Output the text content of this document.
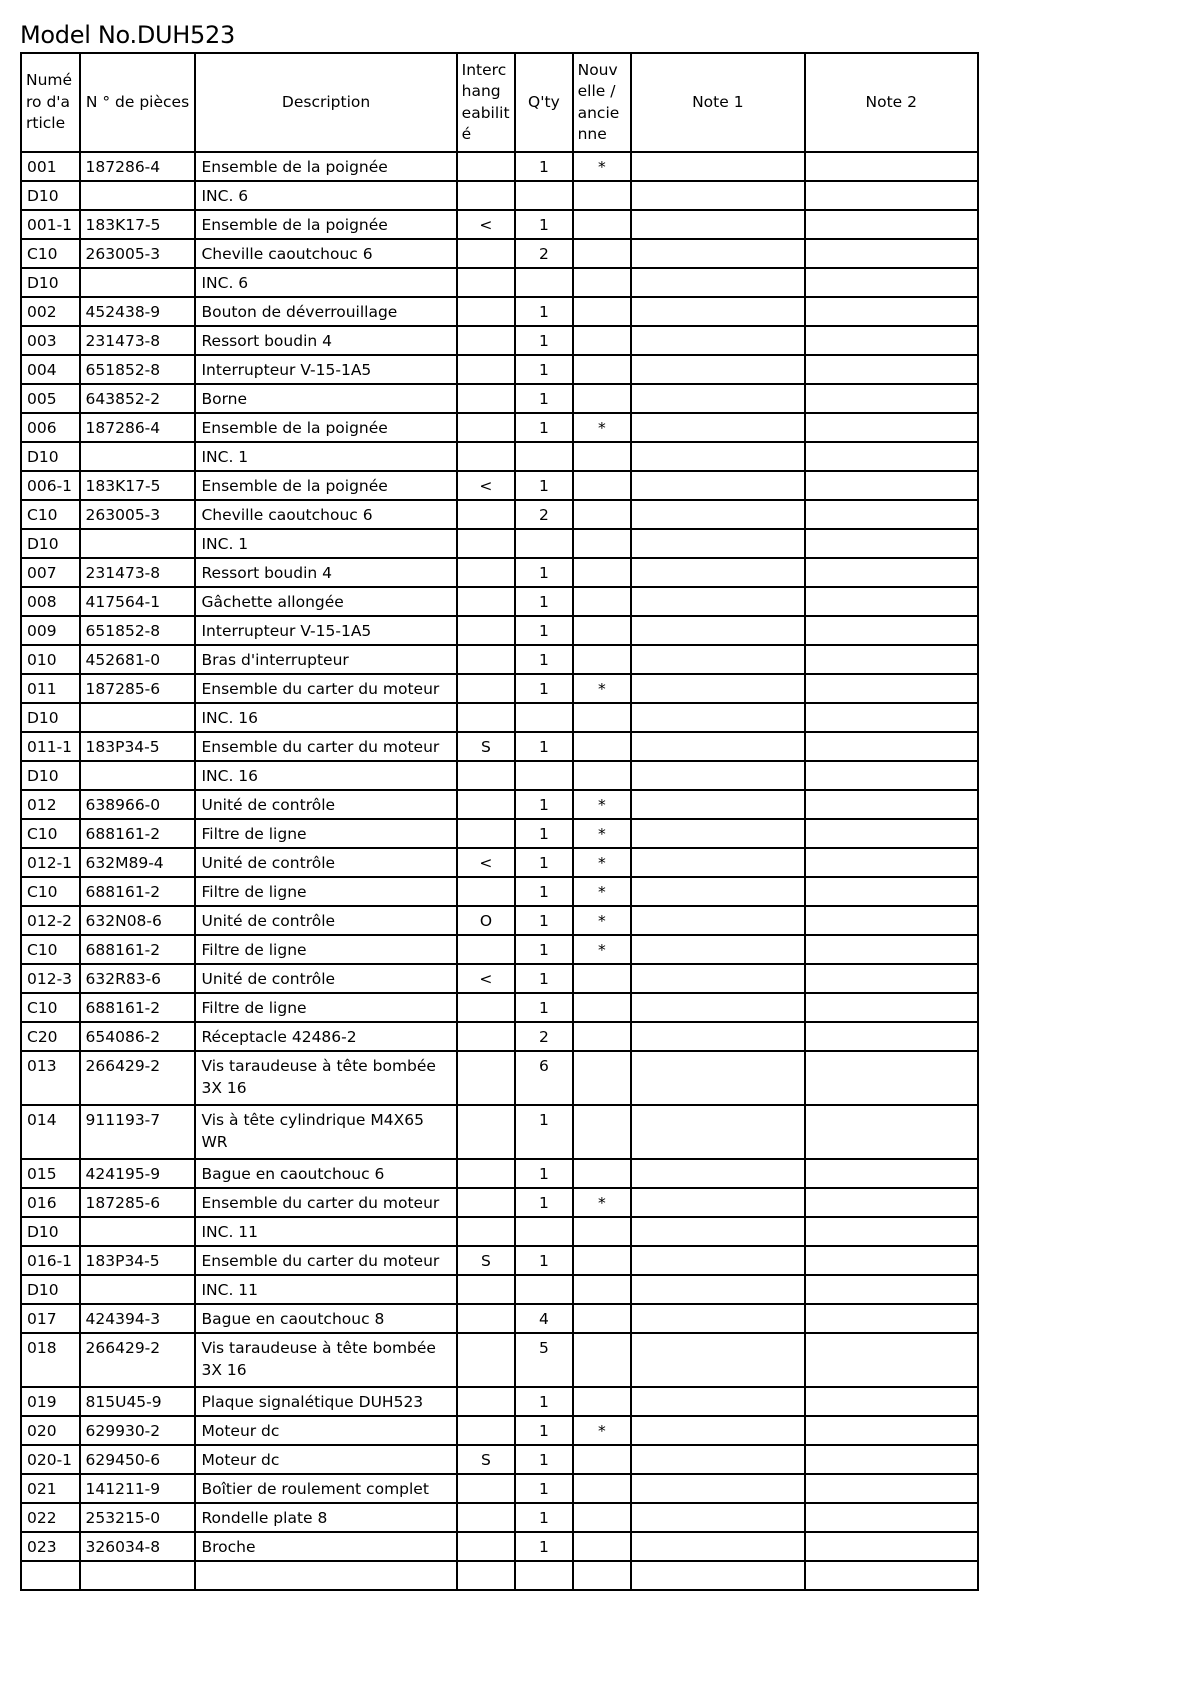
Model No.DUH523
Numé ro d'a rticle	N ° de pièces	Description	Interc hang eabilit é	Q'ty	Nouv elle / ancie nne	Note 1	Note 2
001	187286-4	Ensemble de la poignée		1	*		
D10		INC. 6					
001-1	183K17-5	Ensemble de la poignée	<	1			
C10	263005-3	Cheville caoutchouc 6		2			
D10		INC. 6					
002	452438-9	Bouton de déverrouillage		1			
003	231473-8	Ressort boudin 4		1			
004	651852-8	Interrupteur V-15-1A5		1			
005	643852-2	Borne		1			
006	187286-4	Ensemble de la poignée		1	*		
D10		INC. 1					
006-1	183K17-5	Ensemble de la poignée	<	1			
C10	263005-3	Cheville caoutchouc 6		2			
D10		INC. 1					
007	231473-8	Ressort boudin 4		1			
008	417564-1	Gâchette allongée		1			
009	651852-8	Interrupteur V-15-1A5		1			
010	452681-0	Bras d'interrupteur		1			
011	187285-6	Ensemble du carter du moteur		1	*		
D10		INC. 16					
011-1	183P34-5	Ensemble du carter du moteur	S	1			
D10		INC. 16					
012	638966-0	Unité de contrôle		1	*		
C10	688161-2	Filtre de ligne		1	*		
012-1	632M89-4	Unité de contrôle	<	1	*		
C10	688161-2	Filtre de ligne		1	*		
012-2	632N08-6	Unité de contrôle	O	1	*		
C10	688161-2	Filtre de ligne		1	*		
012-3	632R83-6	Unité de contrôle	<	1			
C10	688161-2	Filtre de ligne		1			
C20	654086-2	Réceptacle 42486-2		2			
013	266429-2	Vis taraudeuse à tête bombée 3X 16		6			
014	911193-7	Vis à tête cylindrique M4X65 WR		1			
015	424195-9	Bague en caoutchouc 6		1			
016	187285-6	Ensemble du carter du moteur		1	*		
D10		INC. 11					
016-1	183P34-5	Ensemble du carter du moteur	S	1			
D10		INC. 11					
017	424394-3	Bague en caoutchouc 8		4			
018	266429-2	Vis taraudeuse à tête bombée 3X 16		5			
019	815U45-9	Plaque signalétique DUH523		1			
020	629930-2	Moteur dc		1	*		
020-1	629450-6	Moteur dc	S	1			
021	141211-9	Boîtier de roulement complet		1			
022	253215-0	Rondelle plate 8		1			
023	326034-8	Broche		1			
